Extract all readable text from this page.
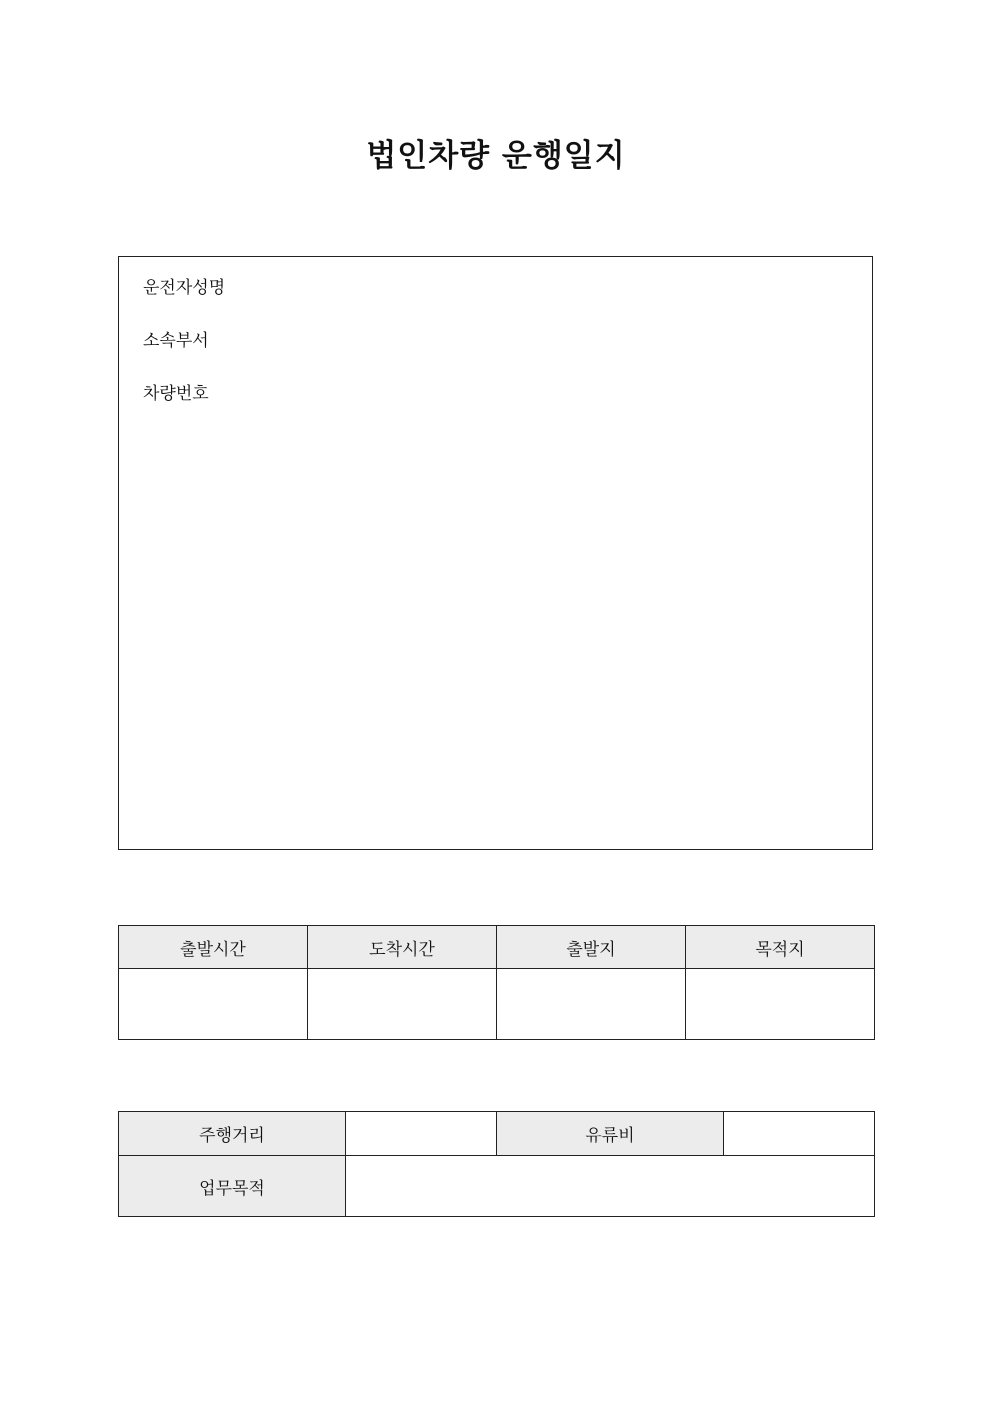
법인차량 운행일지
운전자성명
소속부서
차량번호
출발시간	도착시간	출발지	목적지

주행거리		유류비	
업무목적			
